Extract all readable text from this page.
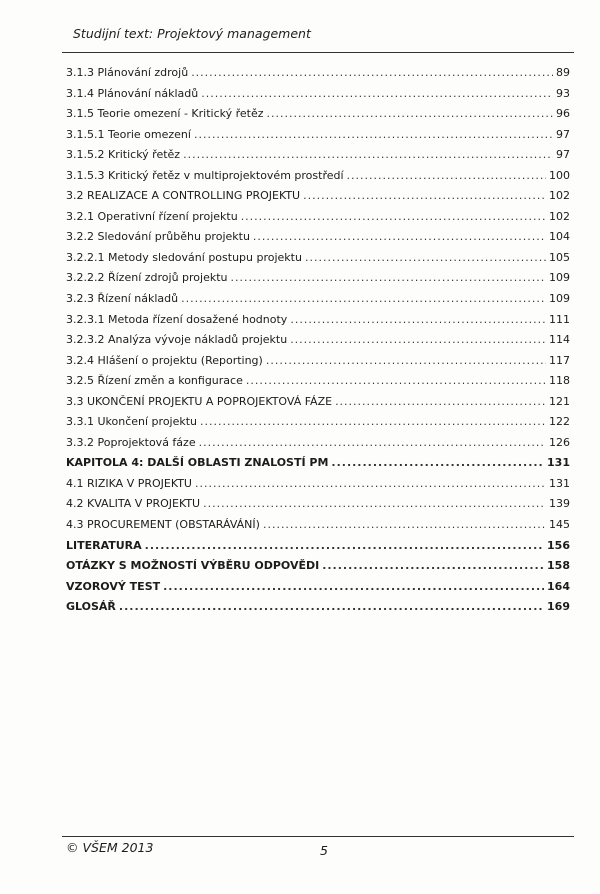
Studijní text: Projektový management
3.1.3 Plánování zdrojů .....	89
3.1.4 Plánování nákladů .....	93
3.1.5 Teorie omezení - Kritický řetěz .....	96
3.1.5.1 Teorie omezení .....	97
3.1.5.2 Kritický řetěz .....	97
3.1.5.3 Kritický řetěz v multiprojektovém prostředí .....	100
3.2 REALIZACE A CONTROLLING PROJEKTU .....	102
3.2.1 Operativní řízení projektu .....	102
3.2.2 Sledování průběhu projektu .....	104
3.2.2.1 Metody sledování postupu projektu .....	105
3.2.2.2 Řízení zdrojů projektu .....	109
3.2.3 Řízení nákladů .....	109
3.2.3.1 Metoda řízení dosažené hodnoty .....	111
3.2.3.2 Analýza vývoje nákladů projektu .....	114
3.2.4 Hlášení o projektu (Reporting) .....	117
3.2.5 Řízení změn a konfigurace .....	118
3.3 UKONČENÍ PROJEKTU A POPROJEKTOVÁ FÁZE .....	121
3.3.1 Ukončení projektu .....	122
3.3.2 Poprojektová fáze .....	126
KAPITOLA 4: DALŠÍ OBLASTI ZNALOSTÍ PM .....	131
4.1 RIZIKA V PROJEKTU .....	131
4.2 KVALITA V PROJEKTU .....	139
4.3 PROCUREMENT (OBSTARÁVÁNÍ) .....	145
LITERATURA .....	156
OTÁZKY S MOŽNOSTÍ VÝBĚRU ODPOVĚDI .....	158
VZOROVÝ TEST .....	164
GLOSÁŘ .....	169
© VŠEM 2013	5
